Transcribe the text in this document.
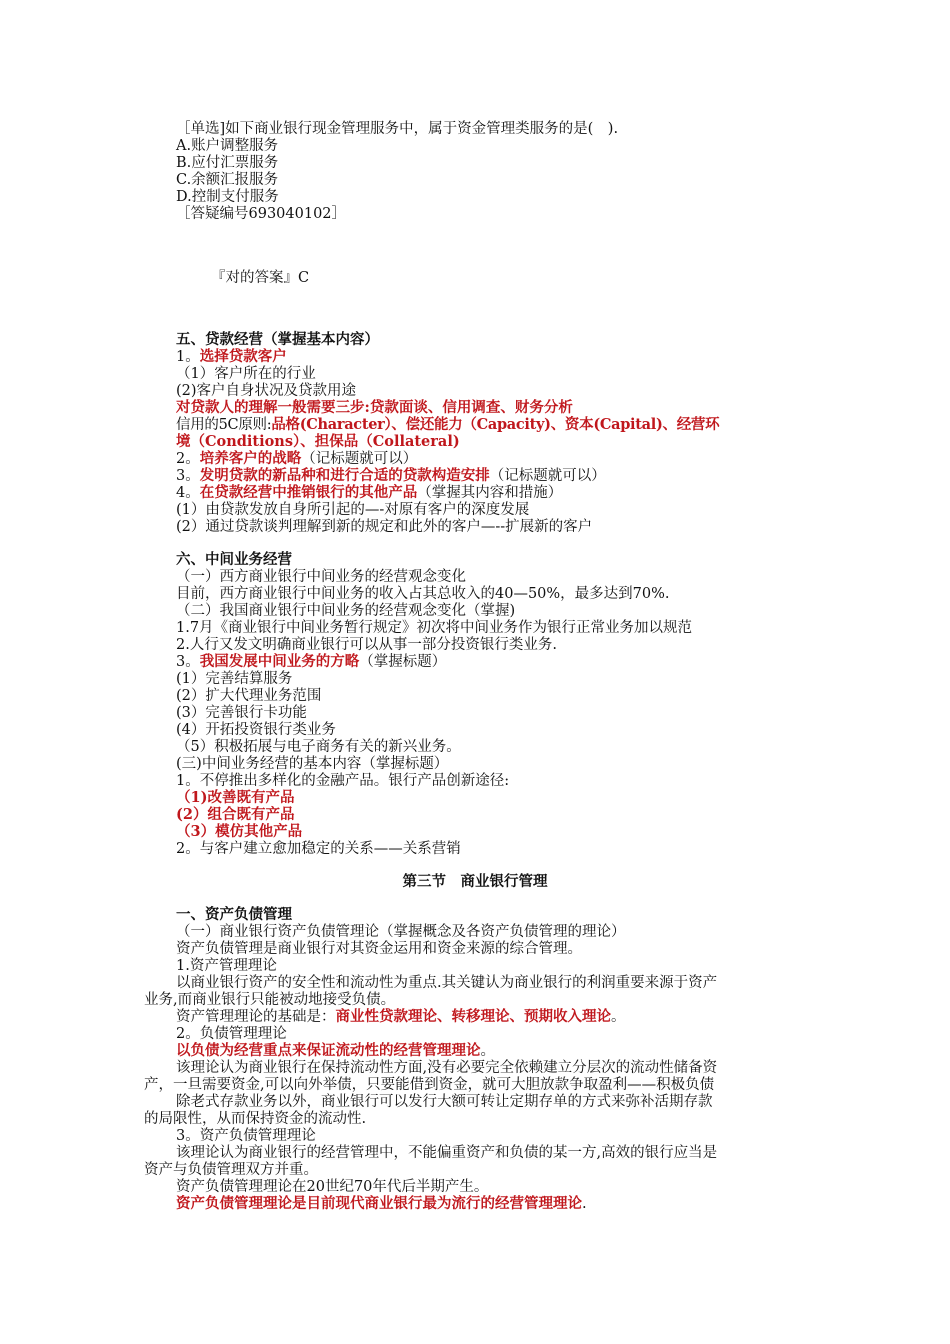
［单选]如下商业银行现金管理服务中，属于资金管理类服务的是(　).

A.账户调整服务

B.应付汇票服务

C.余额汇报服务

D.控制支付服务

［答疑编号693040102］

『对的答案』C

五、贷款经营（掌握基本内容）

1。选择贷款客户

（1）客户所在的行业

(2)客户自身状况及贷款用途

对贷款人的理解一般需要三步:贷款面谈、信用调查、财务分析

信用的5C原则:品格(Character）、偿还能力（Capacity)、资本(Capital)、经营环

境（Conditions）、担保品（Collateral)

2。培养客户的战略（记标题就可以）

3。发明贷款的新品种和进行合适的贷款构造安排（记标题就可以）

4。在贷款经营中推销银行的其他产品（掌握其内容和措施）

(1）由贷款发放自身所引起的—-对原有客户的深度发展

(2）通过贷款谈判理解到新的规定和此外的客户—--扩展新的客户

六、中间业务经营

（一）西方商业银行中间业务的经营观念变化

目前，西方商业银行中间业务的收入占其总收入的40—50%，最多达到70%.

（二）我国商业银行中间业务的经营观念变化（掌握)

1.7月《商业银行中间业务暂行规定》初次将中间业务作为银行正常业务加以规范

2.人行又发文明确商业银行可以从事一部分投资银行类业务.

3。我国发展中间业务的方略（掌握标题）

(1）完善结算服务

(2）扩大代理业务范围

(3）完善银行卡功能

(4）开拓投资银行类业务

（5）积极拓展与电子商务有关的新兴业务。

(三)中间业务经营的基本内容（掌握标题）

1。不停推出多样化的金融产品。银行产品创新途径:

（1)改善既有产品

(2）组合既有产品

（3）模仿其他产品

2。与客户建立愈加稳定的关系——关系营销

第三节　商业银行管理

一、资产负债管理

（一）商业银行资产负债管理论（掌握概念及各资产负债管理的理论）

资产负债管理是商业银行对其资金运用和资金来源的综合管理。

1.资产管理理论

以商业银行资产的安全性和流动性为重点.其关键认为商业银行的利润重要来源于资产

业务,而商业银行只能被动地接受负债。

资产管理理论的基础是：商业性贷款理论、转移理论、预期收入理论。

2。负债管理理论

以负债为经营重点来保证流动性的经营管理理论。

该理论认为商业银行在保持流动性方面,没有必要完全依赖建立分层次的流动性储备资

产，一旦需要资金,可以向外举债，只要能借到资金，就可大胆放款争取盈利——积极负债

除老式存款业务以外，商业银行可以发行大额可转让定期存单的方式来弥补活期存款

的局限性，从而保持资金的流动性.

3。资产负债管理理论

该理论认为商业银行的经营管理中，不能偏重资产和负债的某一方,高效的银行应当是

资产与负债管理双方并重。

资产负债管理理论在20世纪70年代后半期产生。

资产负债管理理论是目前现代商业银行最为流行的经营管理理论.
